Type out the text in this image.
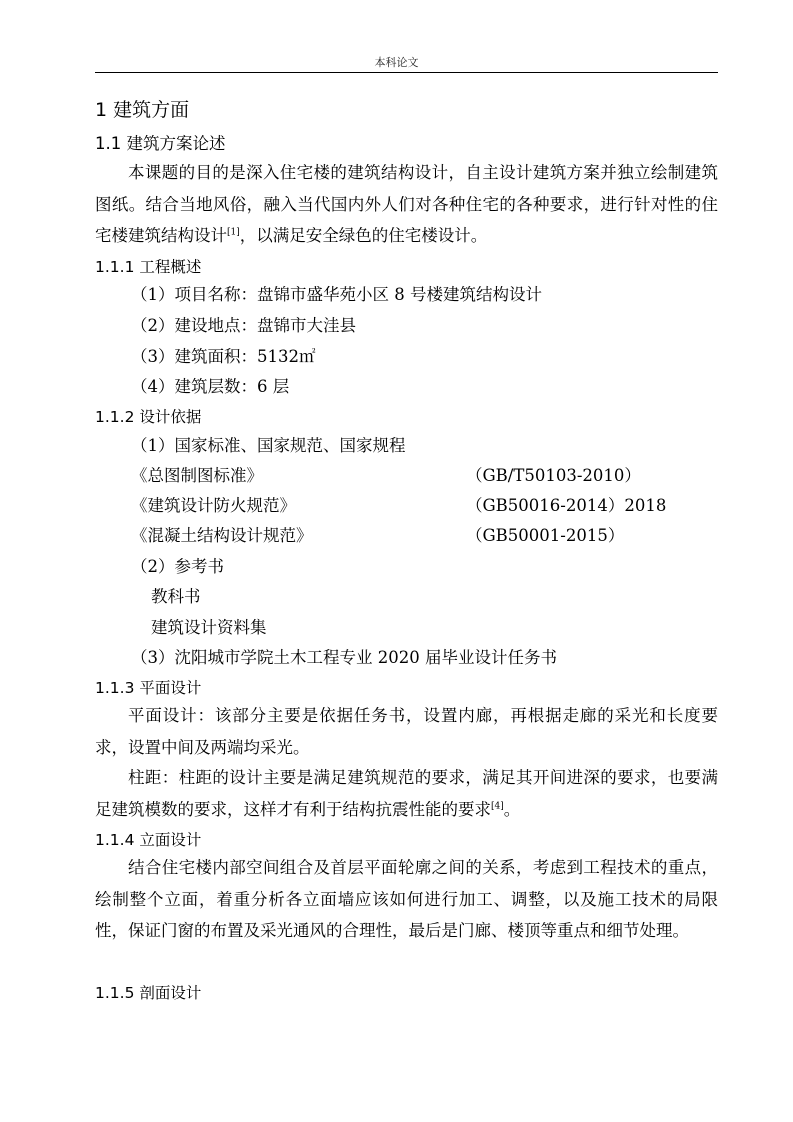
本科论文
1 建筑方面
1.1 建筑方案论述
本课题的目的是深入住宅楼的建筑结构设计，自主设计建筑方案并独立绘制建筑图纸。结合当地风俗，融入当代国内外人们对各种住宅的各种要求，进行针对性的住宅楼建筑结构设计[1]，以满足安全绿色的住宅楼设计。
1.1.1 工程概述
（1）项目名称：盘锦市盛华苑小区 8 号楼建筑结构设计
（2）建设地点：盘锦市大洼县
（3）建筑面积：5132㎡
（4）建筑层数：6 层
1.1.2 设计依据
（1）国家标准、国家规范、国家规程
《总图制图标准》	（GB/T50103-2010）
《建筑设计防火规范》	（GB50016-2014）2018
《混凝土结构设计规范》	（GB50001-2015）
（2）参考书
教科书
建筑设计资料集
（3）沈阳城市学院土木工程专业 2020 届毕业设计任务书
1.1.3 平面设计
平面设计：该部分主要是依据任务书，设置内廊，再根据走廊的采光和长度要求，设置中间及两端均采光。
柱距：柱距的设计主要是满足建筑规范的要求，满足其开间进深的要求，也要满足建筑模数的要求，这样才有利于结构抗震性能的要求[4]。
1.1.4 立面设计
结合住宅楼内部空间组合及首层平面轮廓之间的关系，考虑到工程技术的重点，绘制整个立面，着重分析各立面墙应该如何进行加工、调整，以及施工技术的局限性，保证门窗的布置及采光通风的合理性，最后是门廊、楼顶等重点和细节处理。
1.1.5 剖面设计
